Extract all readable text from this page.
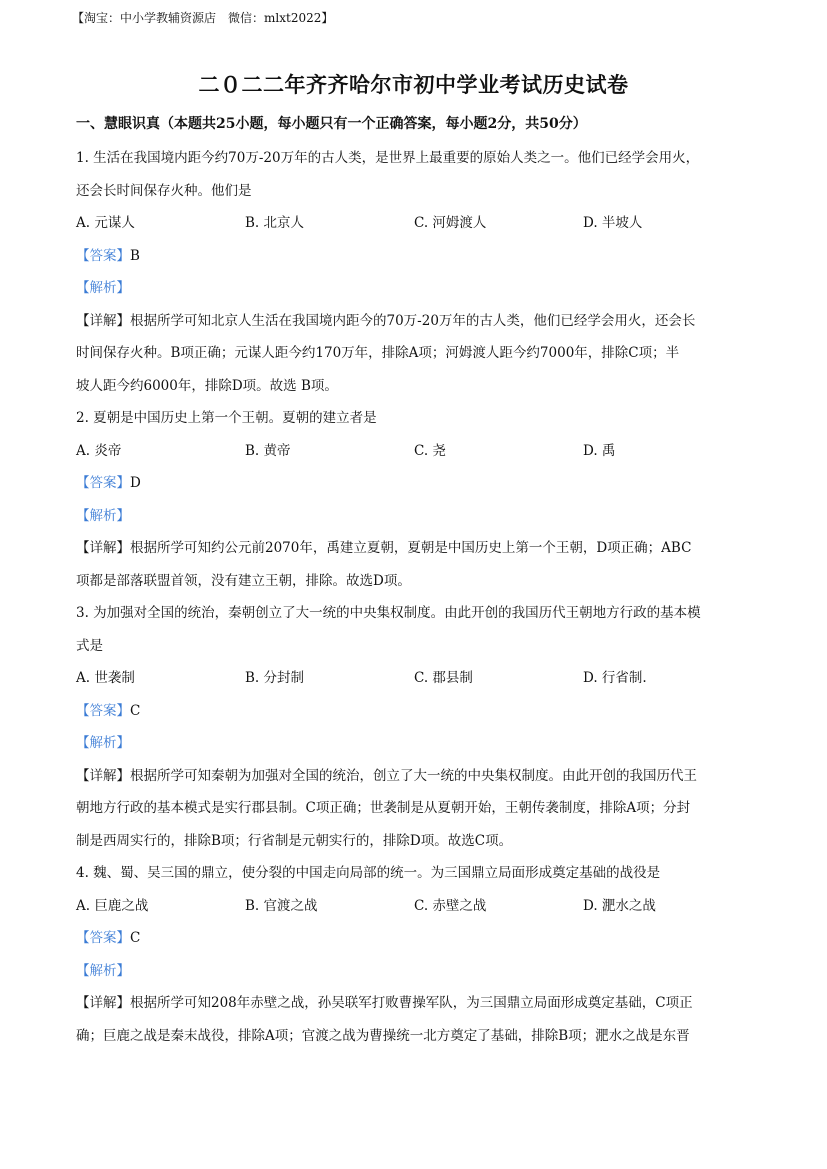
【淘宝：中小学教辅资源店 微信：mlxt2022】
二０二二年齐齐哈尔市初中学业考试历史试卷
一、慧眼识真（本题共25小题，每小题只有一个正确答案，每小题2分，共50分）
1. 生活在我国境内距今约70万-20万年的古人类，是世界上最重要的原始人类之一。他们已经学会用火，
还会长时间保存火种。他们是
A. 元谋人	B. 北京人	C. 河姆渡人	D. 半坡人
【答案】B
【解析】
【详解】根据所学可知北京人生活在我国境内距今的70万-20万年的古人类，他们已经学会用火，还会长
时间保存火种。B项正确；元谋人距今约170万年，排除A项；河姆渡人距今约7000年，排除C项；半
坡人距今约6000年，排除D项。故选 B项。
2. 夏朝是中国历史上第一个王朝。夏朝的建立者是
A. 炎帝	B. 黄帝	C. 尧	D. 禹
【答案】D
【解析】
【详解】根据所学可知约公元前2070年，禹建立夏朝，夏朝是中国历史上第一个王朝，D项正确；ABC
项都是部落联盟首领，没有建立王朝，排除。故选D项。
3. 为加强对全国的统治，秦朝创立了大一统的中央集权制度。由此开创的我国历代王朝地方行政的基本模
式是
A. 世袭制	B. 分封制	C. 郡县制	D. 行省制.
【答案】C
【解析】
【详解】根据所学可知秦朝为加强对全国的统治，创立了大一统的中央集权制度。由此开创的我国历代王
朝地方行政的基本模式是实行郡县制。C项正确；世袭制是从夏朝开始，王朝传袭制度，排除A项；分封
制是西周实行的，排除B项；行省制是元朝实行的，排除D项。故选C项。
4. 魏、蜀、吴三国的鼎立，使分裂的中国走向局部的统一。为三国鼎立局面形成奠定基础的战役是
A. 巨鹿之战	B. 官渡之战	C. 赤壁之战	D. 淝水之战
【答案】C
【解析】
【详解】根据所学可知208年赤壁之战，孙吴联军打败曹操军队，为三国鼎立局面形成奠定基础，C项正
确；巨鹿之战是秦末战役，排除A项；官渡之战为曹操统一北方奠定了基础，排除B项；淝水之战是东晋
